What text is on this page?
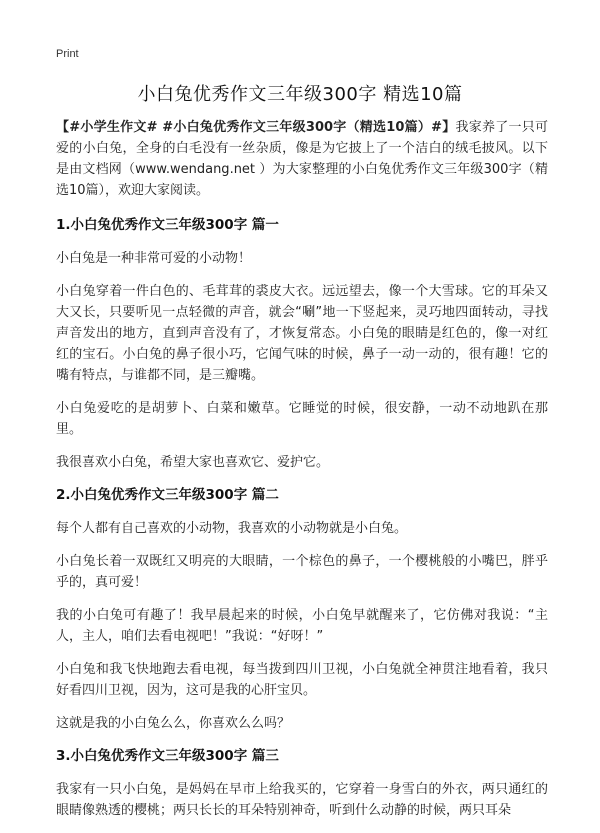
Print
小白兔优秀作文三年级300字 精选10篇

【#小学生作文# #小白兔优秀作文三年级300字（精选10篇）#】我家养了一只可爱的小白兔，全身的白毛没有一丝杂质，像是为它披上了一个洁白的绒毛披风。以下是由文档网（www.wendang.net ）为大家整理的小白兔优秀作文三年级300字（精选10篇），欢迎大家阅读。

1.小白兔优秀作文三年级300字 篇一

小白兔是一种非常可爱的小动物！

小白兔穿着一件白色的、毛茸茸的裘皮大衣。远远望去，像一个大雪球。它的耳朵又大又长，只要听见一点轻微的声音，就会“唰”地一下竖起来，灵巧地四面转动，寻找声音发出的地方，直到声音没有了，才恢复常态。小白兔的眼睛是红色的，像一对红红的宝石。小白兔的鼻子很小巧，它闻气味的时候，鼻子一动一动的，很有趣！它的嘴有特点，与谁都不同，是三瓣嘴。

小白兔爱吃的是胡萝卜、白菜和嫩草。它睡觉的时候，很安静，一动不动地趴在那里。

我很喜欢小白兔，希望大家也喜欢它、爱护它。

2.小白兔优秀作文三年级300字 篇二

每个人都有自己喜欢的小动物，我喜欢的小动物就是小白兔。

小白兔长着一双既红又明亮的大眼睛，一个棕色的鼻子，一个樱桃般的小嘴巴，胖乎乎的，真可爱！

我的小白兔可有趣了！我早晨起来的时候，小白兔早就醒来了，它仿佛对我说：“主人，主人，咱们去看电视吧！”我说：“好呀！”

小白兔和我飞快地跑去看电视，每当拨到四川卫视，小白兔就全神贯注地看着，我只好看四川卫视，因为，这可是我的心肝宝贝。

这就是我的小白兔么么，你喜欢么么吗？

3.小白兔优秀作文三年级300字 篇三

我家有一只小白兔，是妈妈在早市上给我买的，它穿着一身雪白的外衣，两只通红的眼睛像熟透的樱桃；两只长长的耳朵特别神奇，听到什么动静的时候，两只耳朵
